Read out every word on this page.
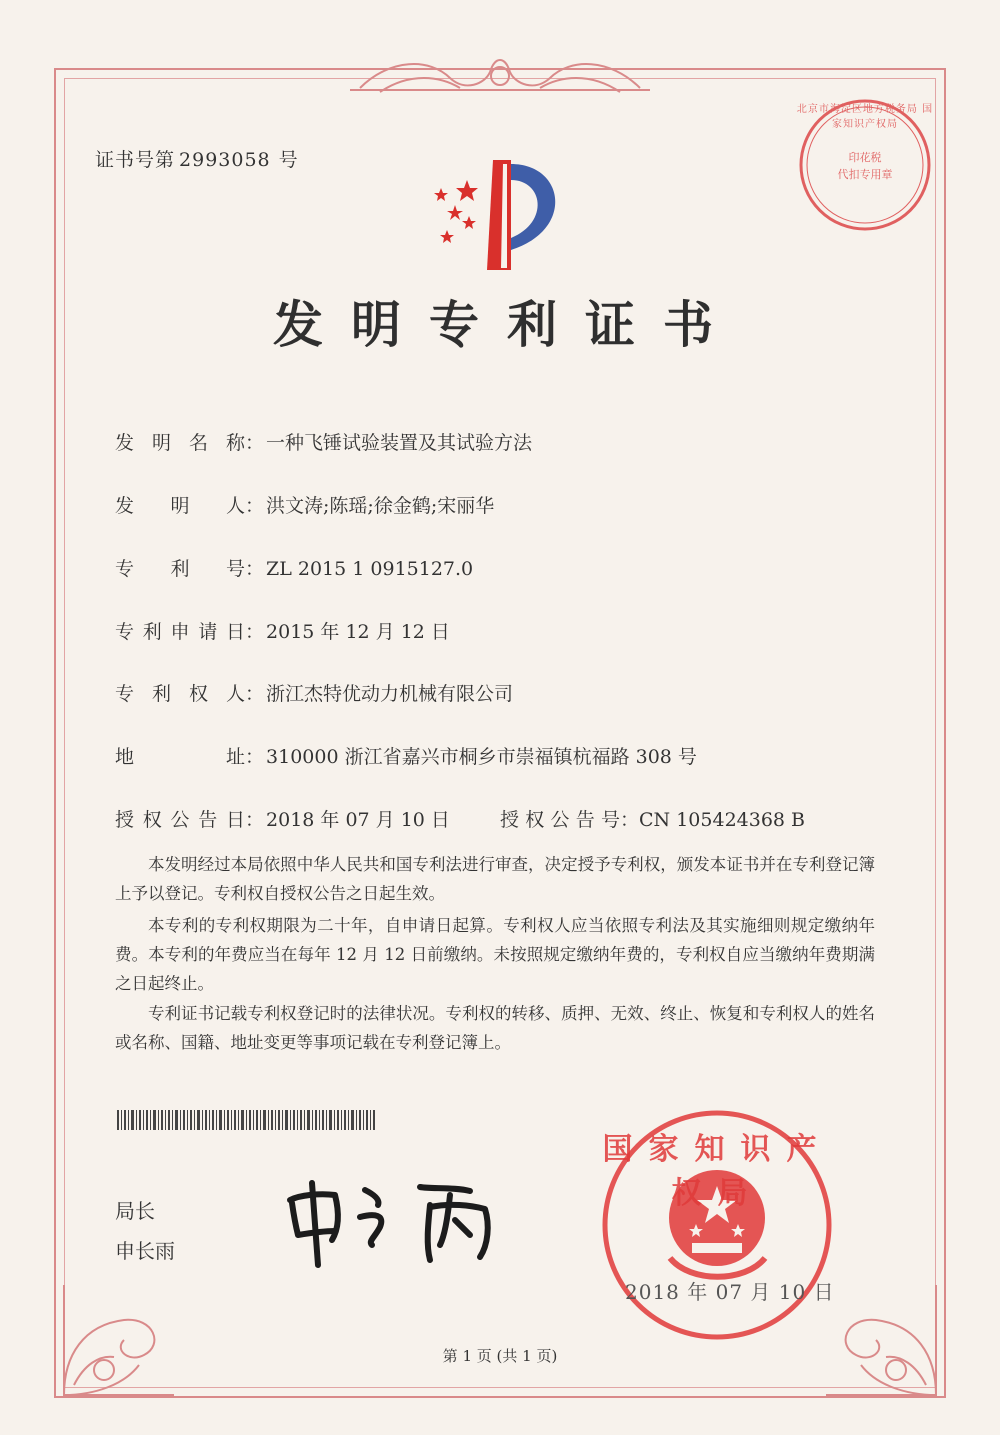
证书号第 2993058 号
北京市海淀区地方税务局 国家知识产权局
印花税
代扣专用章
发明专利证书
发明名称： 一种飞锤试验装置及其试验方法
发明人： 洪文涛;陈瑶;徐金鹤;宋丽华
专利号： ZL 2015 1 0915127.0
专利申请日： 2015 年 12 月 12 日
专利权人： 浙江杰特优动力机械有限公司
地址： 310000 浙江省嘉兴市桐乡市崇福镇杭福路 308 号
授权公告日： 2018 年 07 月 10 日	授权公告号：CN 105424368 B
本发明经过本局依照中华人民共和国专利法进行审查，决定授予专利权，颁发本证书并在专利登记簿上予以登记。专利权自授权公告之日起生效。
本专利的专利权期限为二十年，自申请日起算。专利权人应当依照专利法及其实施细则规定缴纳年费。本专利的年费应当在每年 12 月 12 日前缴纳。未按照规定缴纳年费的，专利权自应当缴纳年费期满之日起终止。
专利证书记载专利权登记时的法律状况。专利权的转移、质押、无效、终止、恢复和专利权人的姓名或名称、国籍、地址变更等事项记载在专利登记簿上。
局长
申长雨
国家知识产权局
2018 年 07 月 10 日
第 1 页 (共 1 页)
